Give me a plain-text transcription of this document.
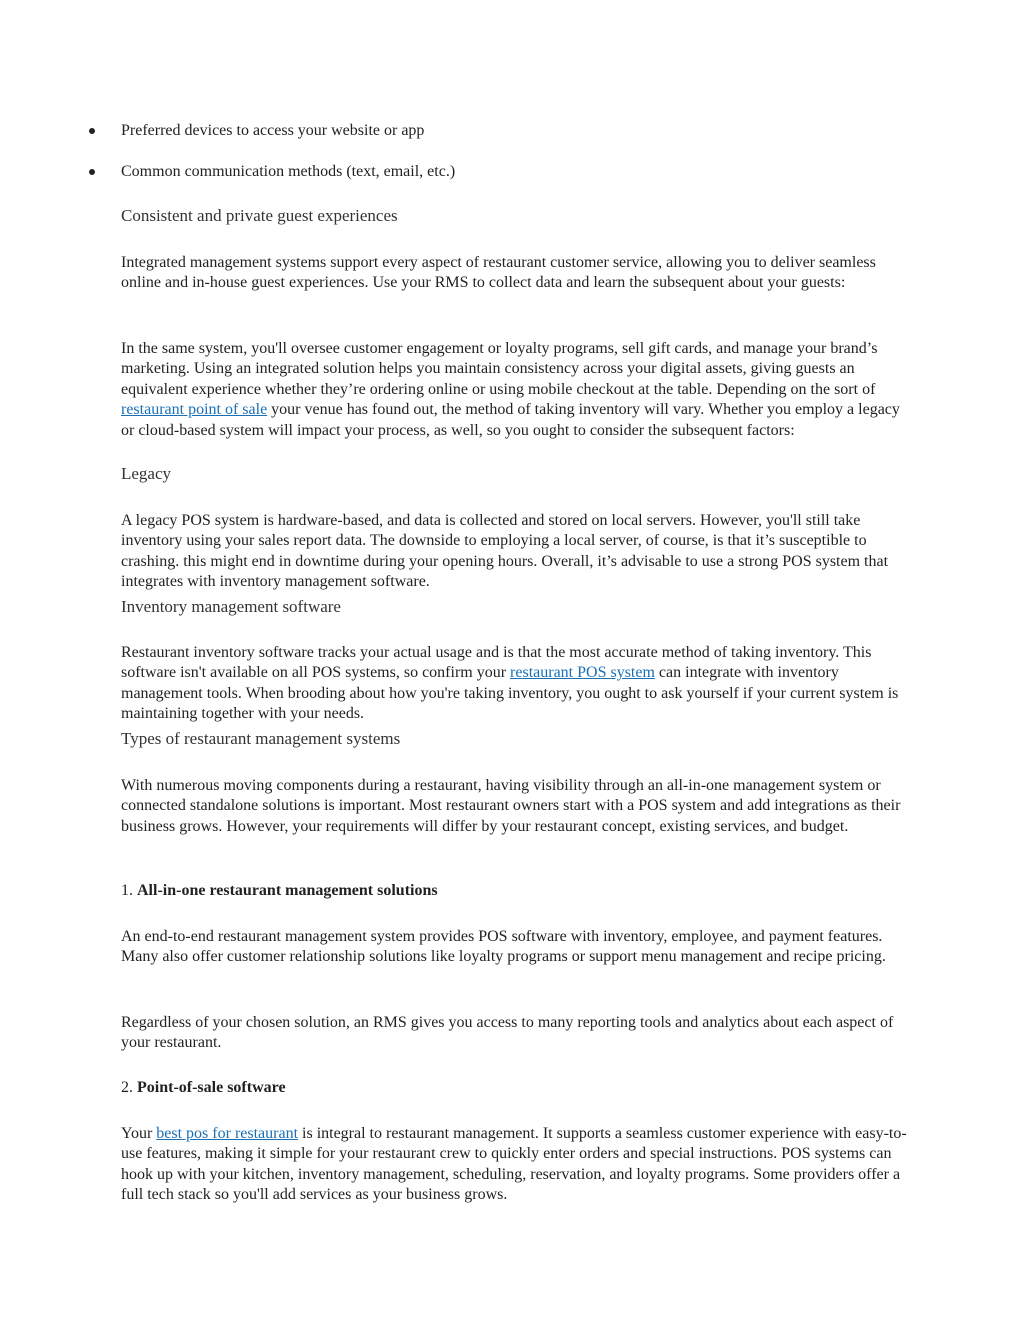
Preferred devices to access your website or app
Common communication methods (text, email, etc.)
Consistent and private guest experiences
Integrated management systems support every aspect of restaurant customer service, allowing you to deliver seamless online and in-house guest experiences. Use your RMS to collect data and learn the subsequent about your guests:
In the same system, you'll oversee customer engagement or loyalty programs, sell gift cards, and manage your brand’s marketing. Using an integrated solution helps you maintain consistency across your digital assets, giving guests an equivalent experience whether they’re ordering online or using mobile checkout at the table. Depending on the sort of restaurant point of sale your venue has found out, the method of taking inventory will vary. Whether you employ a legacy or cloud-based system will impact your process, as well, so you ought to consider the subsequent factors:
Legacy
A legacy POS system is hardware-based, and data is collected and stored on local servers. However, you'll still take inventory using your sales report data. The downside to employing a local server, of course, is that it’s susceptible to crashing. this might end in downtime during your opening hours. Overall, it’s advisable to use a strong POS system that integrates with inventory management software.
Inventory management software
Restaurant inventory software tracks your actual usage and is that the most accurate method of taking inventory. This software isn't available on all POS systems, so confirm your restaurant POS system can integrate with inventory management tools. When brooding about how you're taking inventory, you ought to ask yourself if your current system is maintaining together with your needs.
Types of restaurant management systems
With numerous moving components during a restaurant, having visibility through an all-in-one management system or connected standalone solutions is important. Most restaurant owners start with a POS system and add integrations as their business grows. However, your requirements will differ by your restaurant concept, existing services, and budget.
1. All-in-one restaurant management solutions
An end-to-end restaurant management system provides POS software with inventory, employee, and payment features. Many also offer customer relationship solutions like loyalty programs or support menu management and recipe pricing.
Regardless of your chosen solution, an RMS gives you access to many reporting tools and analytics about each aspect of your restaurant.
2. Point-of-sale software
Your best pos for restaurant is integral to restaurant management. It supports a seamless customer experience with easy-to-use features, making it simple for your restaurant crew to quickly enter orders and special instructions. POS systems can hook up with your kitchen, inventory management, scheduling, reservation, and loyalty programs. Some providers offer a full tech stack so you'll add services as your business grows.
